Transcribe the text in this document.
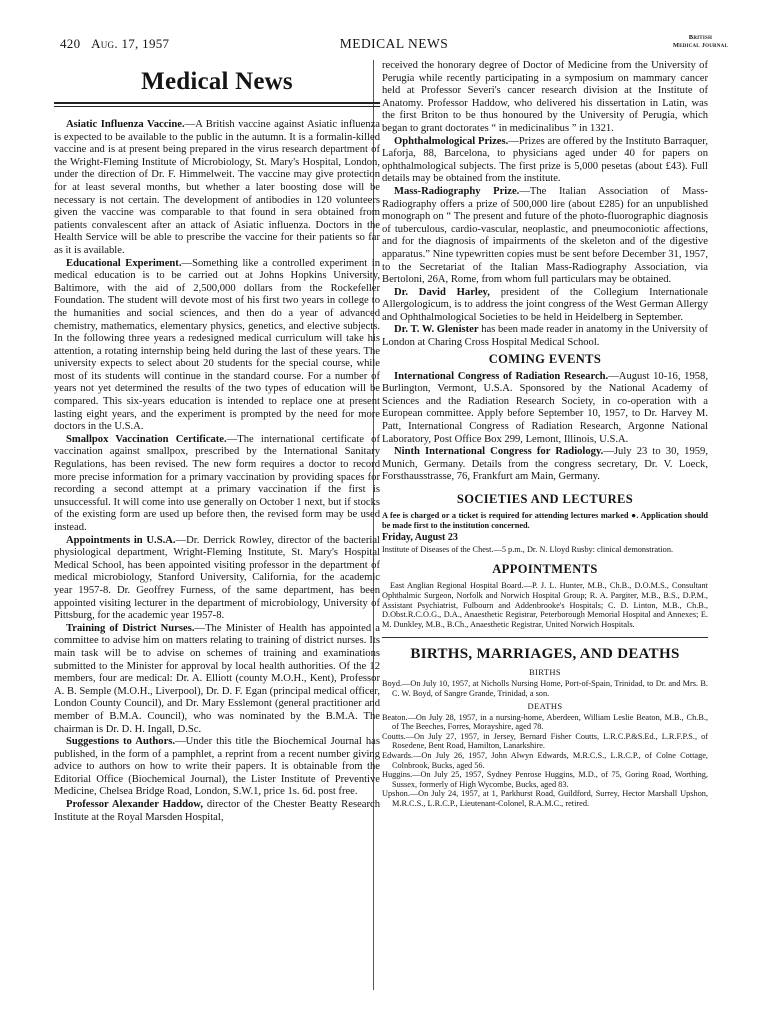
420 Aug. 17, 1957	MEDICAL NEWS	British
Medical Journal
Medical News

Asiatic Influenza Vaccine.—A British vaccine against Asiatic influenza is expected to be available to the public in the autumn. It is a formalin-killed vaccine and is at present being prepared in the virus research department of the Wright-Fleming Institute of Microbiology, St. Mary's Hospital, London, under the direction of Dr. F. Himmelweit. The vaccine may give protection for at least several months, but whether a later boosting dose will be necessary is not certain. The development of antibodies in 120 volunteers given the vaccine was comparable to that found in sera obtained from patients convalescent after an attack of Asiatic influenza. Doctors in the Health Service will be able to prescribe the vaccine for their patients so far as it is available.

Educational Experiment.—Something like a controlled experiment in medical education is to be carried out at Johns Hopkins University, Baltimore, with the aid of 2,500,000 dollars from the Rockefeller Foundation. The student will devote most of his first two years in college to the humanities and social sciences, and then do a year of advanced chemistry, mathematics, elementary physics, genetics, and elective subjects. In the following three years a redesigned medical curriculum will take his attention, a rotating internship being held during the last of these years. The university expects to select about 20 students for the special course, while most of its students will continue in the standard course. For a number of years not yet determined the results of the two types of education will be compared. This six-years education is intended to replace one at present lasting eight years, and the experiment is prompted by the need for more doctors in the U.S.A.

Smallpox Vaccination Certificate.—The international certificate of vaccination against smallpox, prescribed by the International Sanitary Regulations, has been revised. The new form requires a doctor to record more precise information for a primary vaccination by providing spaces for recording a second attempt at a primary vaccination if the first is unsuccessful. It will come into use generally on October 1 next, but if stocks of the existing form are used up before then, the revised form may be used instead.

Appointments in U.S.A.—Dr. Derrick Rowley, director of the bacterial physiological department, Wright-Fleming Institute, St. Mary's Hospital Medical School, has been appointed visiting professor in the department of medical microbiology, Stanford University, California, for the academic year 1957-8. Dr. Geoffrey Furness, of the same department, has been appointed visiting lecturer in the department of microbiology, University of Pittsburg, for the academic year 1957-8.

Training of District Nurses.—The Minister of Health has appointed a committee to advise him on matters relating to training of district nurses. Its main task will be to advise on schemes of training and examinations submitted to the Minister for approval by local health authorities. Of the 12 members, four are medical: Dr. A. Elliott (county M.O.H., Kent), Professor A. B. Semple (M.O.H., Liverpool), Dr. D. F. Egan (principal medical officer, London County Council), and Dr. Mary Esslemont (general practitioner and member of B.M.A. Council), who was nominated by the B.M.A. The chairman is Dr. D. H. Ingall, D.Sc.

Suggestions to Authors.—Under this title the Biochemical Journal has published, in the form of a pamphlet, a reprint from a recent number giving advice to authors on how to write their papers. It is obtainable from the Editorial Office (Biochemical Journal), the Lister Institute of Preventive Medicine, Chelsea Bridge Road, London, S.W.1, price 1s. 6d. post free.

Professor Alexander Haddow, director of the Chester Beatty Research Institute at the Royal Marsden Hospital,

received the honorary degree of Doctor of Medicine from the University of Perugia while recently participating in a symposium on mammary cancer held at Professor Severi's cancer research division at the Institute of Anatomy. Professor Haddow, who delivered his dissertation in Latin, was the first Briton to be thus honoured by the University of Perugia, which began to grant doctorates “ in medicinalibus ” in 1321.

Ophthalmological Prizes.—Prizes are offered by the Instituto Barraquer, Laforja, 88, Barcelona, to physicians aged under 40 for papers on ophthalmological subjects. The first prize is 5,000 pesetas (about £43). Full details may be obtained from the institute.

Mass-Radiography Prize.—The Italian Association of Mass-Radiography offers a prize of 500,000 lire (about £285) for an unpublished monograph on “ The present and future of the photo-fluorographic diagnosis of tuberculous, cardio-vascular, neoplastic, and pneumoconiotic affections, and for the diagnosis of impairments of the skeleton and of the digestive apparatus.” Nine typewritten copies must be sent before December 31, 1957, to the Secretariat of the Italian Mass-Radiography Association, via Bertoloni, 26A, Rome, from whom full particulars may be obtained.

Dr. David Harley, president of the Collegium Internationale Allergologicum, is to address the joint congress of the West German Allergy and Ophthalmological Societies to be held in Heidelberg in September.

Dr. T. W. Glenister has been made reader in anatomy in the University of London at Charing Cross Hospital Medical School.

COMING EVENTS

International Congress of Radiation Research.—August 10-16, 1958, Burlington, Vermont, U.S.A. Sponsored by the National Academy of Sciences and the Radiation Research Society, in co-operation with a European committee. Apply before September 10, 1957, to Dr. Harvey M. Patt, International Congress of Radiation Research, Argonne National Laboratory, Post Office Box 299, Lemont, Illinois, U.S.A.

Ninth International Congress for Radiology.—July 23 to 30, 1959, Munich, Germany. Details from the congress secretary, Dr. V. Loeck, Forsthausstrasse, 76, Frankfurt am Main, Germany.

SOCIETIES AND LECTURES

A fee is charged or a ticket is required for attending lectures marked ●. Application should be made first to the institution concerned.

Friday, August 23

Institute of Diseases of the Chest.—5 p.m., Dr. N. Lloyd Rusby: clinical demonstration.

APPOINTMENTS

East Anglian Regional Hospital Board.—P. J. L. Hunter, M.B., Ch.B., D.O.M.S., Consultant Ophthalmic Surgeon, Norfolk and Norwich Hospital Group; R. A. Pargiter, M.B., B.S., D.P.M., Assistant Psychiatrist, Fulbourn and Addenbrooke's Hospitals; C. D. Linton, M.B., Ch.B., D.Obst.R.C.O.G., D.A., Anaesthetic Registrar, Peterborough Memorial Hospital and Annexes; E. M. Dunkley, M.B., B.Ch., Anaesthetic Registrar, United Norwich Hospitals.

BIRTHS, MARRIAGES, AND DEATHS
BIRTHS

Boyd.—On July 10, 1957, at Nicholls Nursing Home, Port-of-Spain, Trinidad, to Dr. and Mrs. B. C. W. Boyd, of Sangre Grande, Trinidad, a son.

DEATHS

Beaton.—On July 28, 1957, in a nursing-home, Aberdeen, William Leslie Beaton, M.B., Ch.B., of The Beeches, Forres, Morayshire, aged 78.

Coutts.—On July 27, 1957, in Jersey, Bernard Fisher Coutts, L.R.C.P.&S.Ed., L.R.F.P.S., of Rosedene, Bent Road, Hamilton, Lanarkshire.

Edwards.—On July 26, 1957, John Alwyn Edwards, M.R.C.S., L.R.C.P., of Colne Cottage, Colnbrook, Bucks, aged 56.

Huggins.—On July 25, 1957, Sydney Penrose Huggins, M.D., of 75, Goring Road, Worthing, Sussex, formerly of High Wycombe, Bucks, aged 83.

Upshon.—On July 24, 1957, at 1, Parkhurst Road, Guildford, Surrey, Hector Marshall Upshon, M.R.C.S., L.R.C.P., Lieutenant-Colonel, R.A.M.C., retired.
